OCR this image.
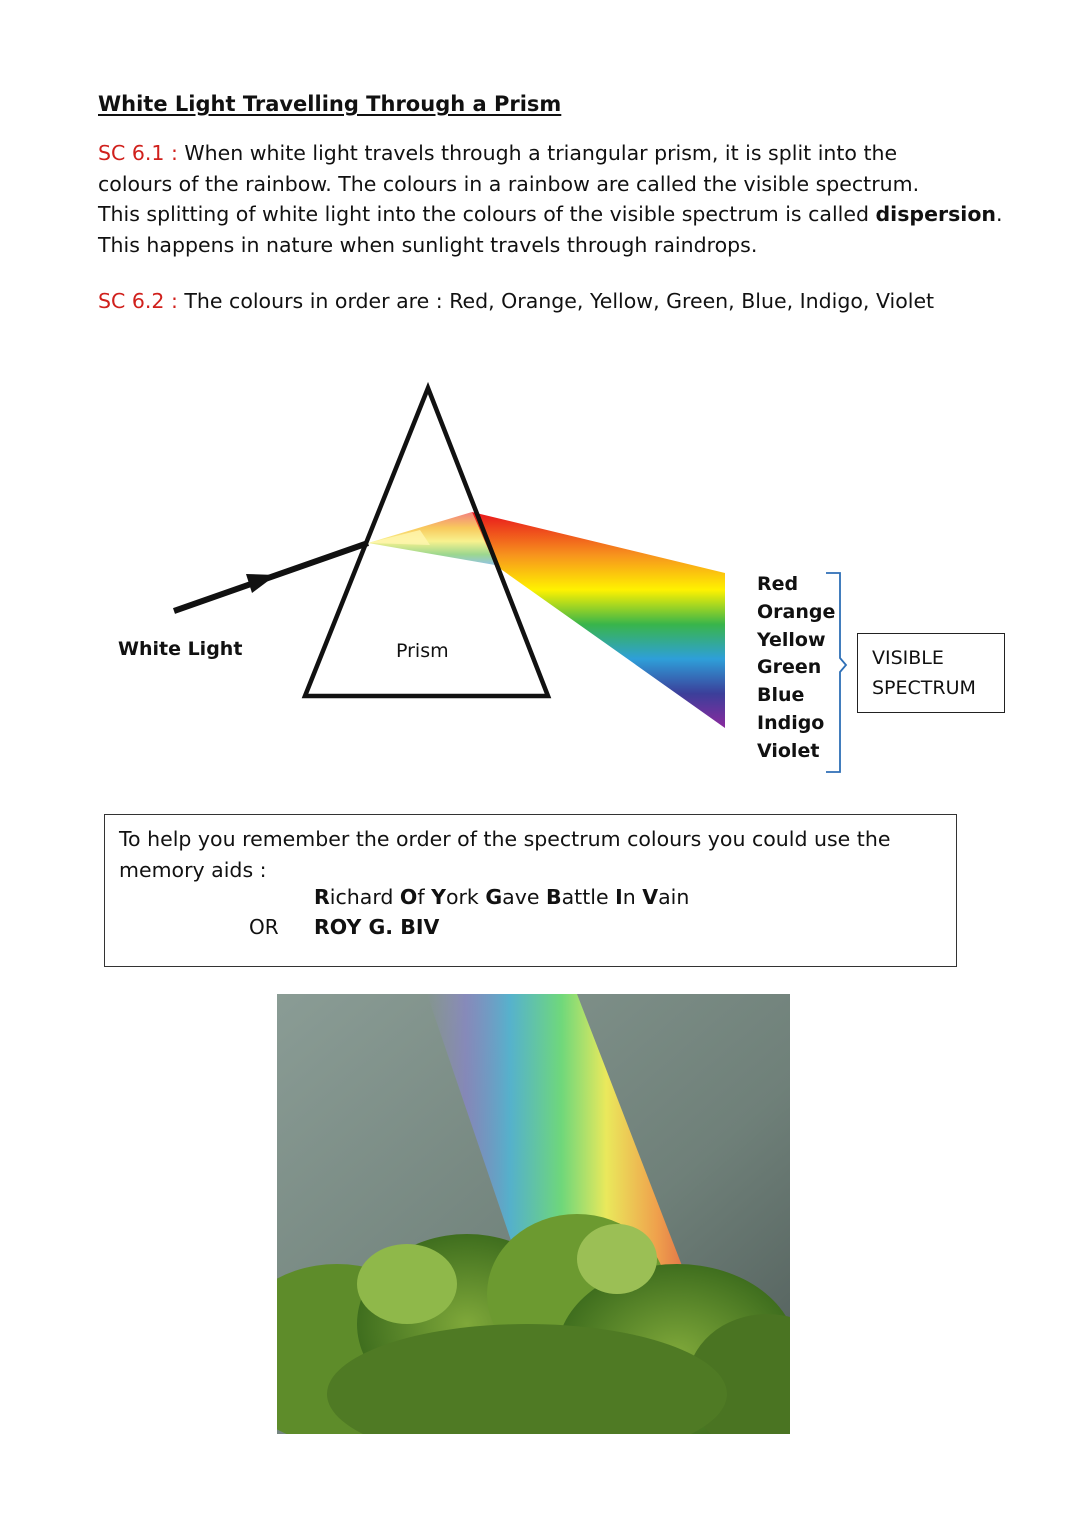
White Light Travelling Through a Prism

SC 6.1 : When white light travels through a triangular prism, it is split into the

colours of the rainbow. The colours in a rainbow are called the visible spectrum.

This splitting of white light into the colours of the visible spectrum is called dispersion.

This happens in nature when sunlight travels through raindrops.

SC 6.2 : The colours in order are : Red, Orange, Yellow, Green, Blue, Indigo, Violet
White Light	Prism
Red
Orange
Yellow
Green
Blue
Indigo
Violet
VISIBLE
SPECTRUM

To help you remember the order of the spectrum colours you could use the

memory aids :

Richard Of York Gave Battle In Vain
OR ROY G. BIV
